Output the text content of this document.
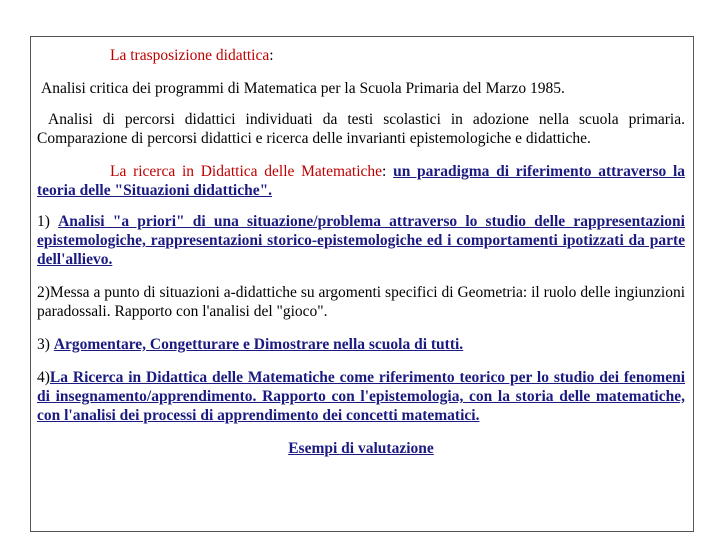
La trasposizione didattica:

Analisi critica dei programmi di Matematica per la Scuola Primaria del Marzo 1985.

Analisi di percorsi didattici individuati da testi scolastici in adozione nella scuola primaria. Comparazione di percorsi didattici e ricerca delle invarianti epistemologiche e didattiche.

La ricerca in Didattica delle Matematiche: un paradigma di riferimento attraverso la teoria delle "Situazioni didattiche".

1) Analisi "a priori" di una situazione/problema attraverso lo studio delle rappresentazioni epistemologiche, rappresentazioni storico-epistemologiche ed i comportamenti ipotizzati da parte dell'allievo.

2)Messa a punto di situazioni a-didattiche su argomenti specifici di Geometria: il ruolo delle ingiunzioni paradossali. Rapporto con l'analisi del "gioco".

3) Argomentare, Congetturare e Dimostrare nella scuola di tutti.

4)La Ricerca in Didattica delle Matematiche come riferimento teorico per lo studio dei fenomeni di insegnamento/apprendimento. Rapporto con l'epistemologia, con la storia delle matematiche, con l'analisi dei processi di apprendimento dei concetti matematici.

Esempi di valutazione
